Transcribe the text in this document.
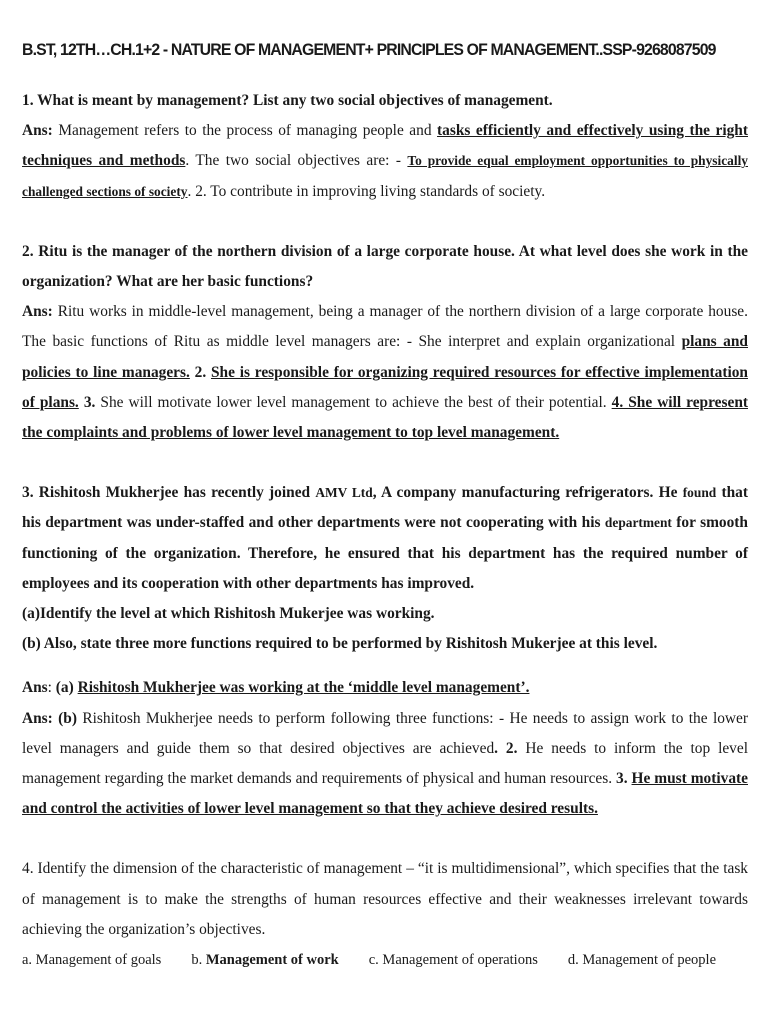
B.ST, 12TH…CH.1+2 - NATURE OF MANAGEMENT+ PRINCIPLES OF MANAGEMENT..SSP-9268087509

1. What is meant by management? List any two social objectives of management.

Ans: Management refers to the process of managing people and tasks efficiently and effectively using the right techniques and methods. The two social objectives are: - To provide equal employment opportunities to physically challenged sections of society. 2. To contribute in improving living standards of society.

2. Ritu is the manager of the northern division of a large corporate house. At what level does she work in the organization? What are her basic functions?

Ans: Ritu works in middle-level management, being a manager of the northern division of a large corporate house. The basic functions of Ritu as middle level managers are: - She interpret and explain organizational plans and policies to line managers. 2. She is responsible for organizing required resources for effective implementation of plans. 3. She will motivate lower level management to achieve the best of their potential. 4. She will represent the complaints and problems of lower level management to top level management.

3. Rishitosh Mukherjee has recently joined AMV Ltd, A company manufacturing refrigerators. He found that his department was under-staffed and other departments were not cooperating with his department for smooth functioning of the organization. Therefore, he ensured that his department has the required number of employees and its cooperation with other departments has improved.

(a)Identify the level at which Rishitosh Mukerjee was working.

(b) Also, state three more functions required to be performed by Rishitosh Mukerjee at this level.

Ans: (a) Rishitosh Mukherjee was working at the ‘middle level management’.

Ans: (b) Rishitosh Mukherjee needs to perform following three functions: - He needs to assign work to the lower level managers and guide them so that desired objectives are achieved. 2. He needs to inform the top level management regarding the market demands and requirements of physical and human resources. 3. He must motivate and control the activities of lower level management so that they achieve desired results.

4. Identify the dimension of the characteristic of management – “it is multidimensional”, which specifies that the task of management is to make the strengths of human resources effective and their weaknesses irrelevant towards achieving the organization’s objectives.

a. Management of goals b. Management of work c. Management of operations d. Management of people
